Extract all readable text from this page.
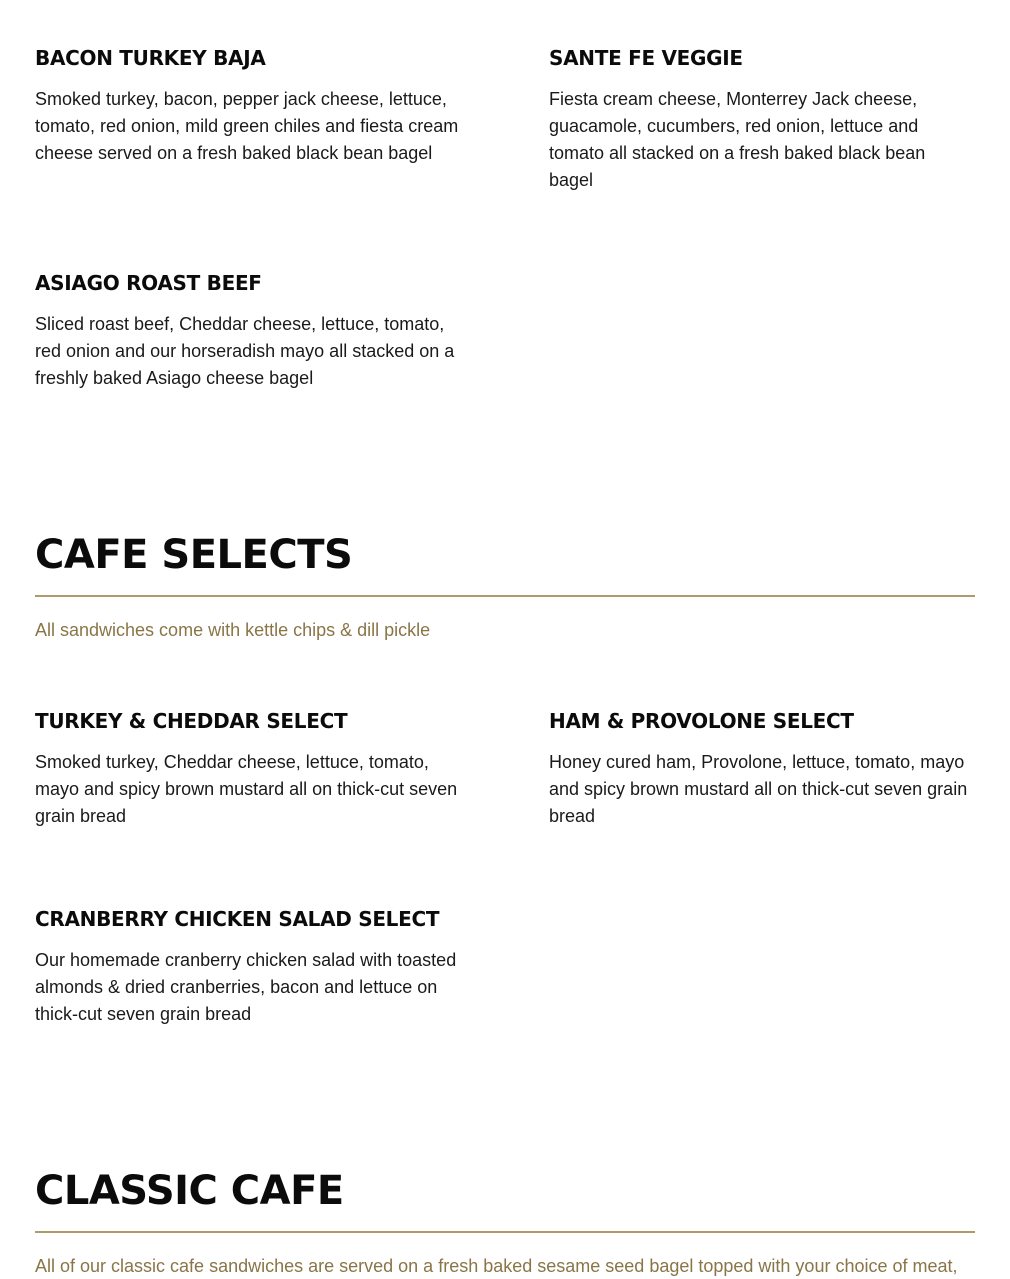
BACON TURKEY BAJA

Smoked turkey, bacon, pepper jack cheese, lettuce, tomato, red onion, mild green chiles and fiesta cream cheese served on a fresh baked black bean bagel

SANTE FE VEGGIE

Fiesta cream cheese, Monterrey Jack cheese, guacamole, cucumbers, red onion, lettuce and tomato all stacked on a fresh baked black bean bagel

ASIAGO ROAST BEEF

Sliced roast beef, Cheddar cheese, lettuce, tomato, red onion and our horseradish mayo all stacked on a freshly baked Asiago cheese bagel

CAFE SELECTS

All sandwiches come with kettle chips & dill pickle

TURKEY & CHEDDAR SELECT

Smoked turkey, Cheddar cheese, lettuce, tomato, mayo and spicy brown mustard all on thick-cut seven grain bread

HAM & PROVOLONE SELECT

Honey cured ham, Provolone, lettuce, tomato, mayo and spicy brown mustard all on thick-cut seven grain bread

CRANBERRY CHICKEN SALAD SELECT

Our homemade cranberry chicken salad with toasted almonds & dried cranberries, bacon and lettuce on thick-cut seven grain bread

CLASSIC CAFE

All of our classic cafe sandwiches are served on a fresh baked sesame seed bagel topped with your choice of meat,
